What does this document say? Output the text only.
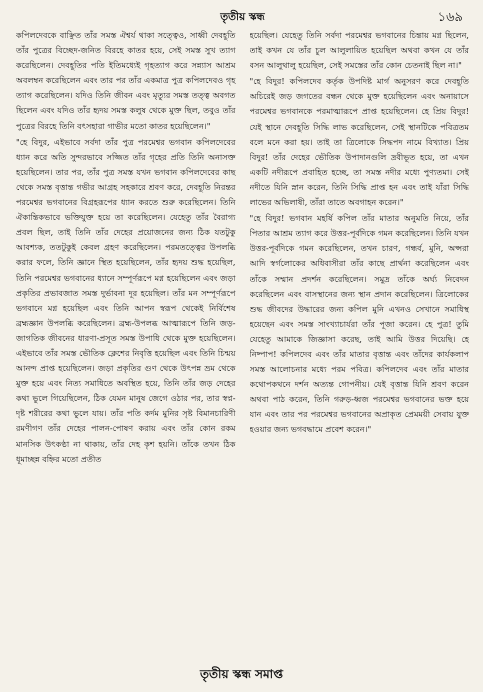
তৃতীয় স্কন্ধ	১৬৯

কপিলদেবকে বাঞ্ছিত তাঁর সমস্ত ঐশ্বর্য থাকা সত্ত্বেও, সাধ্বী দেবহূতি তাঁর পুত্রের বিচ্ছেদ-জনিত বিরহে কাতর হয়ে, সেই সমস্ত সুখ ত্যাগ করেছিলেন। দেবহূতির পতি ইতিমধ্যেই গৃহত্যাগ করে সন্ন্যাস আশ্রম অবলম্বন করেছিলেন এবং তার পর তাঁর একমাত্র পুত্র কপিলদেবও গৃহ ত্যাগ করেছিলেন। যদিও তিনি জীবন এবং মৃত্যুর সমস্ত তত্ত্ব অবগত ছিলেন এবং যদিও তাঁর হৃদয় সমস্ত কলুষ থেকে মুক্ত ছিল, তবুও তাঁর পুত্রের বিরহে তিনি বৎসহারা গাভীর মতো কাতর হয়েছিলেন।"

"হে বিদুর, এইভাবে সর্বদা তাঁর পুত্র পরমেশ্বর ভগবান কপিলদেবের ধ্যান করে অতি সুন্দরভাবে সজ্জিত তাঁর গৃহের প্রতি তিনি অনাসক্ত হয়েছিলেন। তার পর, তাঁর পুত্র সমস্ত যখন ভগবান কপিলদেবের কাছ থেকে সমস্ত বৃত্তান্ত গভীর আগ্রহ সহকারে শ্রবণ করে, দেবহূতি নিরন্তর পরমেশ্বর ভগবানের বিগ্রহরূপের ধ্যান করতে শুরু করেছিলেন। তিনি ঐকান্তিকভাবে ভক্তিযুক্ত হয়ে তা করেছিলেন। যেহেতু তাঁর বৈরাগ্য প্রবল ছিল, তাই তিনি তাঁর দেহের প্রয়োজনের জন্য ঠিক যতটুকু আবশ্যক, ততটুকুই কেবল গ্রহণ করেছিলেন। পরমতত্ত্বের উপলব্ধি করার ফলে, তিনি জ্ঞানে স্থিত হয়েছিলেন, তাঁর হৃদয় শুদ্ধ হয়েছিল, তিনি পরমেশ্বর ভগবানের ধ্যানে সম্পূর্ণরূপে মগ্ন হয়েছিলেন এবং জড়া প্রকৃতির প্রভাবজাত সমস্ত দুর্ভাবনা দূর হয়েছিল। তাঁর মন সম্পূর্ণরূপে ভগবানে মগ্ন হয়েছিল এবং তিনি আপন স্বরূপ থেকেই নির্বিশেষ ব্রহ্মজ্ঞান উপলব্ধি করেছিলেন। ব্রহ্ম-উপলব্ধ আত্মারূপে তিনি জড়-জাগতিক জীবনের ধারণা-প্রসূত সমস্ত উপাধি থেকে মুক্ত হয়েছিলেন। এইভাবে তাঁর সমস্ত ভৌতিক ক্লেশের নিবৃত্তি হয়েছিল এবং তিনি চিন্ময় আনন্দ প্রাপ্ত হয়েছিলেন। জড়া প্রকৃতির গুণ থেকে উৎপন্ন ভ্রম থেকে মুক্ত হয়ে এবং নিত্য সমাধিতে অবস্থিত হয়ে, তিনি তাঁর জড় দেহের কথা ভুলে গিয়েছিলেন, ঠিক যেমন মানুষ জেগে ওঠার পর, তার স্বপ্ন-দৃষ্ট শরীরের কথা ভুলে যায়। তাঁর পতি কর্দম মুনির সৃষ্ট বিমানচারিণী রমণীগণ তাঁর দেহের পালন-পোষণ করায় এবং তাঁর কোন রকম মানসিক উৎকণ্ঠা না থাকায়, তাঁর দেহ কৃশ হয়নি। তাঁকে তখন ঠিক ধূমাচ্ছন্ন বহ্নির মতো প্রতীত

হয়েছিল। যেহেতু তিনি সর্বদা পরমেশ্বর ভগবানের চিন্তায় মগ্ন ছিলেন, তাই কখন যে তাঁর চুল আলুলায়িত হয়েছিল অথবা কখন যে তাঁর বসন আলুথালু হয়েছিল, সেই সমস্তের তাঁর কোন চেতনাই ছিল না।"

"হে বিদুর! কপিলদেব কর্তৃক উপদিষ্ট মার্গ অনুসরণ করে দেবহূতি অচিরেই জড় জগতের বন্ধন থেকে মুক্ত হয়েছিলেন এবং অনায়াসে পরমেশ্বর ভগবানকে পরমাত্মারূপে প্রাপ্ত হয়েছিলেন। হে প্রিয় বিদুর! যেই স্থানে দেবহূতি সিদ্ধি লাভ করেছিলেন, সেই স্থানটিকে পবিত্রতম বলে মনে করা হয়। তাই তা ত্রিলোকে সিদ্ধপদ নামে বিখ্যাত। প্রিয় বিদুর! তাঁর দেহের ভৌতিক উপাদানগুলি দ্রবীভূত হয়ে, তা এখন একটি নদীরূপে প্রবাহিত হচ্ছে, তা সমস্ত নদীর মধ্যে পুণ্যতমা। সেই নদীতে যিনি স্নান করেন, তিনি সিদ্ধি প্রাপ্ত হন এবং তাই যাঁরা সিদ্ধি লাভের অভিলাষী, তাঁরা তাতে অবগাহন করেন।"

"হে বিদুর! ভগবান মহর্ষি কপিল তাঁর মাতার অনুমতি নিয়ে, তাঁর পিতার আশ্রম ত্যাগ করে উত্তর-পূর্বদিকে গমন করেছিলেন। তিনি যখন উত্তর-পূর্বদিকে গমন করেছিলেন, তখন চারণ, গন্ধর্ব, মুনি, অপ্সরা আদি স্বর্গলোকের অধিবাসীরা তাঁর কাছে প্রার্থনা করেছিলেন এবং তাঁকে সম্মান প্রদর্শন করেছিলেন। সমুদ্র তাঁকে অর্ঘ্য নিবেদন করেছিলেন এবং বাসস্থানের জন্য স্থান প্রদান করেছিলেন। ত্রিলোকের শুদ্ধ জীবদের উদ্ধারের জন্য কপিল মুনি এখনও সেখানে সমাধিস্থ হয়েছেন এবং সমস্ত সাংখ্যাচার্যরা তাঁর পূজা করেন। হে পুত্র! তুমি যেহেতু আমাকে জিজ্ঞাসা করেছ, তাই আমি উত্তর দিয়েছি। হে নিষ্পাপ! কপিলদেব এবং তাঁর মাতার বৃত্তান্ত এবং তাঁদের কার্যকলাপ সমস্ত আলোচনার মধ্যে পরম পবিত্র। কপিলদেব এবং তাঁর মাতার কথোপকথনে দর্শন অত্যন্ত গোপনীয়। যেই বৃত্তান্ত যিনি শ্রবণ করেন অথবা পাঠ করেন, তিনি গরুড়-ধ্বজ পরমেশ্বর ভগবানের ভক্ত হয়ে যান এবং তার পর পরমেশ্বর ভগবানের অপ্রাকৃত প্রেমময়ী সেবায় যুক্ত হওয়ার জন্য ভগবদ্ধামে প্রবেশ করেন।"

তৃতীয় স্কন্ধ সমাপ্ত
